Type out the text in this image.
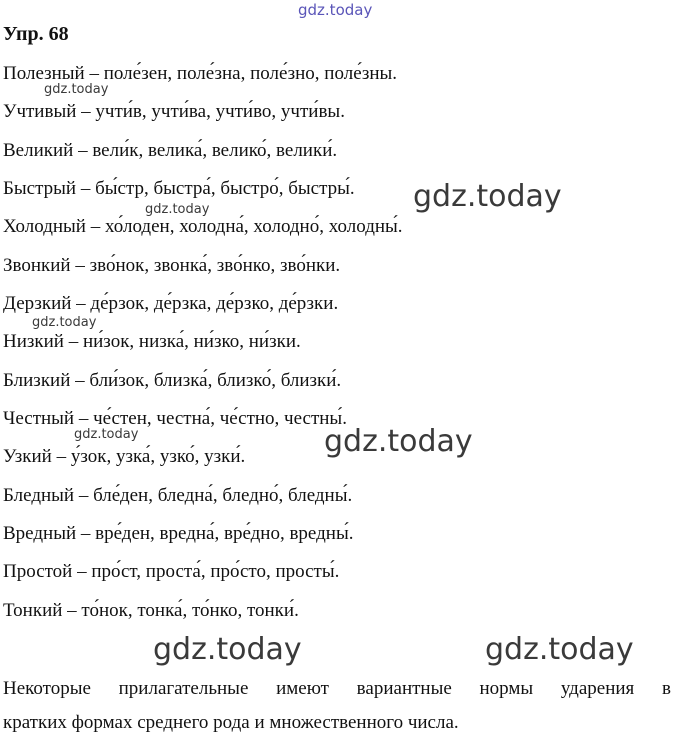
Упр. 68
Полезный – поле́зен, поле́зна, поле́зно, поле́зны.
Учтивый – учти́в, учти́ва, учти́во, учти́вы.
Великий – вели́к, велика́, велико́, велики́.
Быстрый – бы́стр, быстра́, быстро́, быстры́.
Холодный – хо́лоден, холодна́, холодно́, холодны́.
Звонкий – зво́нок, звонка́, зво́нко, зво́нки.
Дерзкий – де́рзок, де́рзка, де́рзко, де́рзки.
Низкий – ни́зок, низка́, ни́зко, ни́зки.
Близкий – бли́зок, близка́, близко́, близки́.
Честный – че́стен, честна́, че́стно, честны́.
Узкий – у́зок, узка́, узко́, узки́.
Бледный – бле́ден, бледна́, бледно́, бледны́.
Вредный – вре́ден, вредна́, вре́дно, вредны́.
Простой – про́ст, проста́, про́сто, просты́.
Тонкий – то́нок, тонка́, то́нко, тонки́.
Некоторые прилагательные имеют вариантные нормы ударения в
кратких формах среднего рода и множественного числа.
gdz.today
gdz.today
gdz.today
gdz.today
gdz.today
gdz.today
gdz.today
gdz.today	gdz.today
